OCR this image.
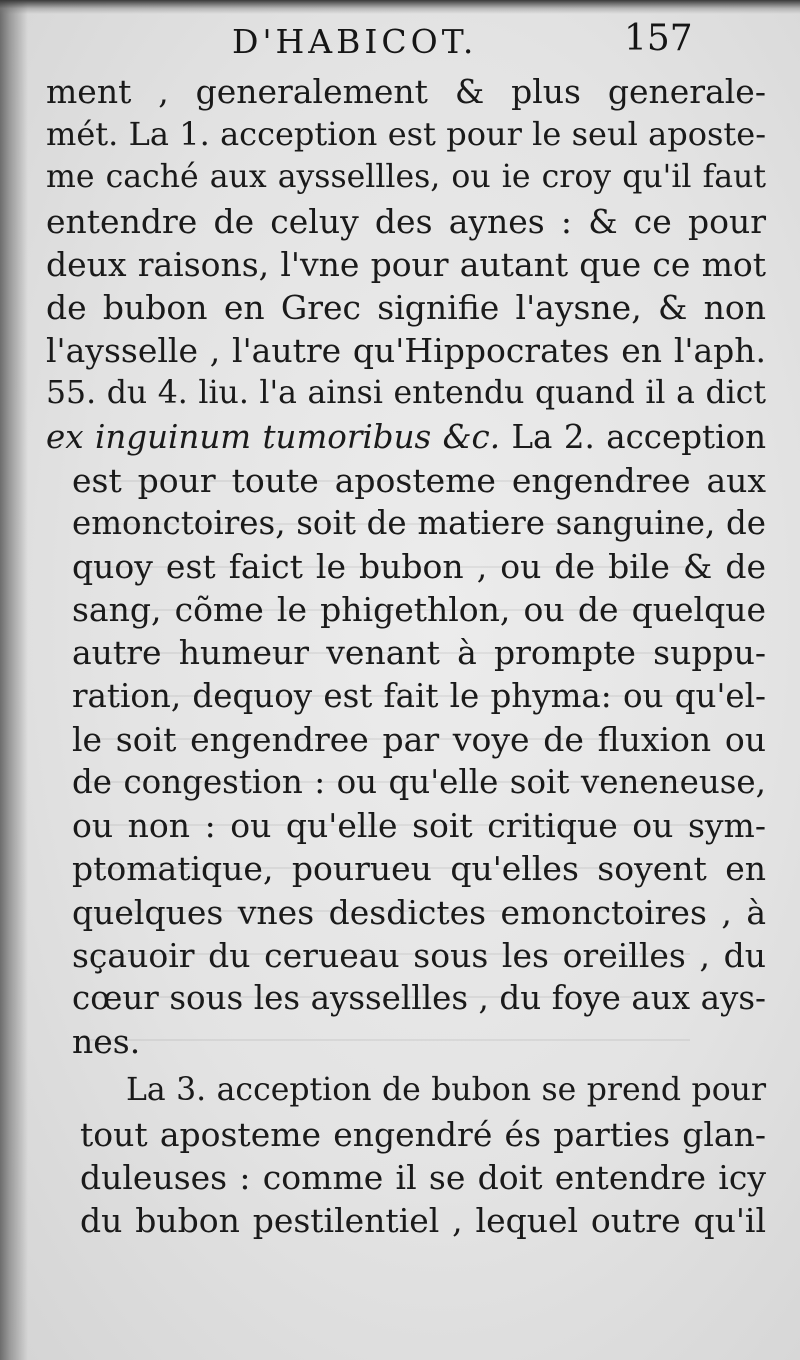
D'HABICOT.	157
ment , generalement & plus generale-
mét. La 1. acception est pour le seul aposte-
me caché aux ayssellles, ou ie croy qu'il faut
entendre de celuy des aynes : & ce pour
deux raisons, l'vne pour autant que ce mot
de bubon en Grec signifie l'aysne, & non
l'aysselle , l'autre qu'Hippocrates en l'aph.
55. du 4. liu. l'a ainsi entendu quand il a dict
ex inguinum tumoribus &c. La 2. acception
est pour toute aposteme engendree aux
emonctoires, soit de matiere sanguine, de
quoy est faict le bubon , ou de bile & de
sang, cõme le phigethlon, ou de quelque
autre humeur venant à prompte suppu-
ration, dequoy est fait le phyma: ou qu'el-
le soit engendree par voye de fluxion ou
de congestion : ou qu'elle soit veneneuse,
ou non : ou qu'elle soit critique ou sym-
ptomatique, pourueu qu'elles soyent en
quelques vnes desdictes emonctoires , à
sçauoir du cerueau sous les oreilles , du
cœur sous les ayssellles , du foye aux ays-
nes.
La 3. acception de bubon se prend pour
tout aposteme engendré és parties glan-
duleuses : comme il se doit entendre icy
du bubon pestilentiel , lequel outre qu'il
